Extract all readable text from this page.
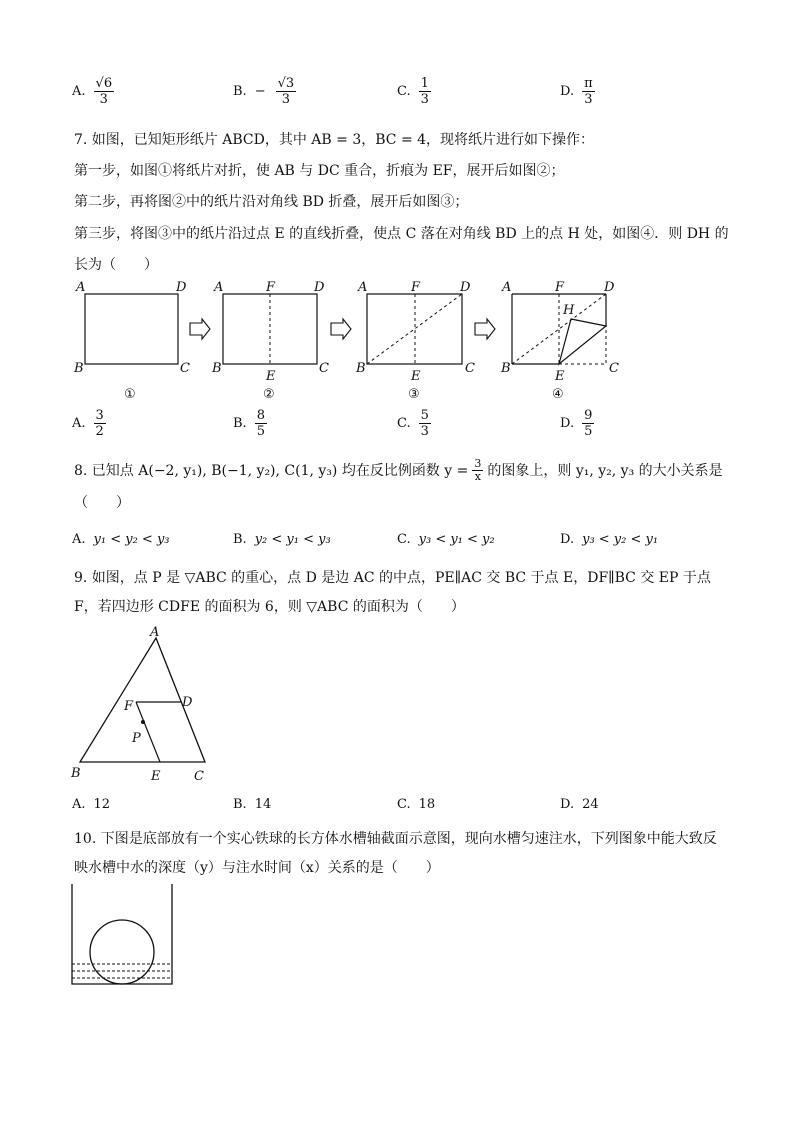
A. $\frac{√6}{3}$	B. − $\frac{√3}{3}$	C. $\frac{1}{3}$	D. $\frac{\pi}{3}$
7. 如图，已知矩形纸片 ABCD，其中 AB = 3，BC = 4，现将纸片进行如下操作：
第一步，如图①将纸片对折，使 AB 与 DC 重合，折痕为 EF，展开后如图②；
第二步，再将图②中的纸片沿对角线 BD 折叠，展开后如图③；
第三步，将图③中的纸片沿过点 E 的直线折叠，使点 C 落在对角线 BD 上的点 H 处，如图④．则 DH 的
长为（　　）
A	D
B	C
①
A	F	D
B
E
C
②
A	F	D
B
E
C
③
A	F	D
H
B
E
C
④
A. $\frac{3}{2}$	B. $\frac{8}{5}$	C. $\frac{5}{3}$	D. $\frac{9}{5}$
8. 已知点 A(−2, y₁), B(−1, y₂), C(1, y₃) 均在反比例函数 $y = \frac{3}{x}$ 的图象上，则 y₁, y₂, y₃ 的大小关系是
（　　）
A. y₁ < y₂ < y₃	B. y₂ < y₁ < y₃	C. y₃ < y₁ < y₂	D. y₃ < y₂ < y₁
9. 如图，点 P 是 ▽ABC 的重心，点 D 是边 AC 的中点，PE∥AC 交 BC 于点 E，DF∥BC 交 EP 于点
F，若四边形 CDFE 的面积为 6，则 ▽ABC 的面积为（　　）
A
F	D
P
B	E	C
A. 12	B. 14	C. 18	D. 24
10. 下图是底部放有一个实心铁球的长方体水槽轴截面示意图，现向水槽匀速注水，下列图象中能大致反
映水槽中水的深度（y）与注水时间（x）关系的是（　　）
